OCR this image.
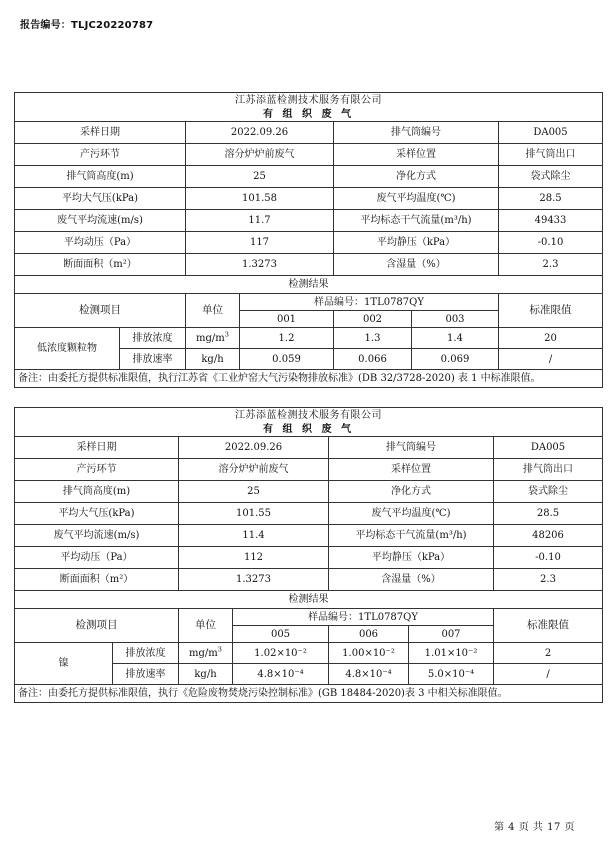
报告编号：TLJC20220787
江苏添蓝检测技术服务有限公司						
有 组 织 废 气						
采样日期		2022.09.26		排气筒编号		DA005
产污环节		溶分炉炉前废气		采样位置		排气筒出口
排气筒高度(m)		25		净化方式		袋式除尘
平均大气压(kPa)		101.58		废气平均温度(℃)		28.5
废气平均流速(m/s)		11.7		平均标态干气流量(m³/h)		49433
平均动压（Pa）		117		平均静压（kPa）		-0.10
断面面积（m²）		1.3273		含湿量（%）		2.3
检测结果						
检测项目		单位	样品编号：1TL0787QY			标准限值
			001	002	003	
低浓度颗粒物	排放浓度	$mg/m^3$	1.2	1.3	1.4	20
	排放速率	kg/h	0.059	0.066	0.069	/
备注：由委托方提供标准限值，执行江苏省《工业炉窑大气污染物排放标准》(DB 32/3728-2020) 表 1 中标准限值。						
江苏添蓝检测技术服务有限公司						
有 组 织 废 气						
采样日期		2022.09.26		排气筒编号		DA005
产污环节		溶分炉炉前废气		采样位置		排气筒出口
排气筒高度(m)		25		净化方式		袋式除尘
平均大气压(kPa)		101.55		废气平均温度(℃)		28.5
废气平均流速(m/s)		11.4		平均标态干气流量(m³/h)		48206
平均动压（Pa）		112		平均静压（kPa）		-0.10
断面面积（m²）		1.3273		含湿量（%）		2.3
检测结果						
检测项目		单位	样品编号：1TL0787QY			标准限值
			005	006	007	
镍	排放浓度	$mg/m^3$	1.02×10⁻²	1.00×10⁻²	1.01×10⁻²	2
	排放速率	kg/h	4.8×10⁻⁴	4.8×10⁻⁴	5.0×10⁻⁴	/
备注：由委托方提供标准限值，执行《危险废物焚烧污染控制标准》(GB 18484-2020)表 3 中相关标准限值。						
第 4 页 共 17 页
